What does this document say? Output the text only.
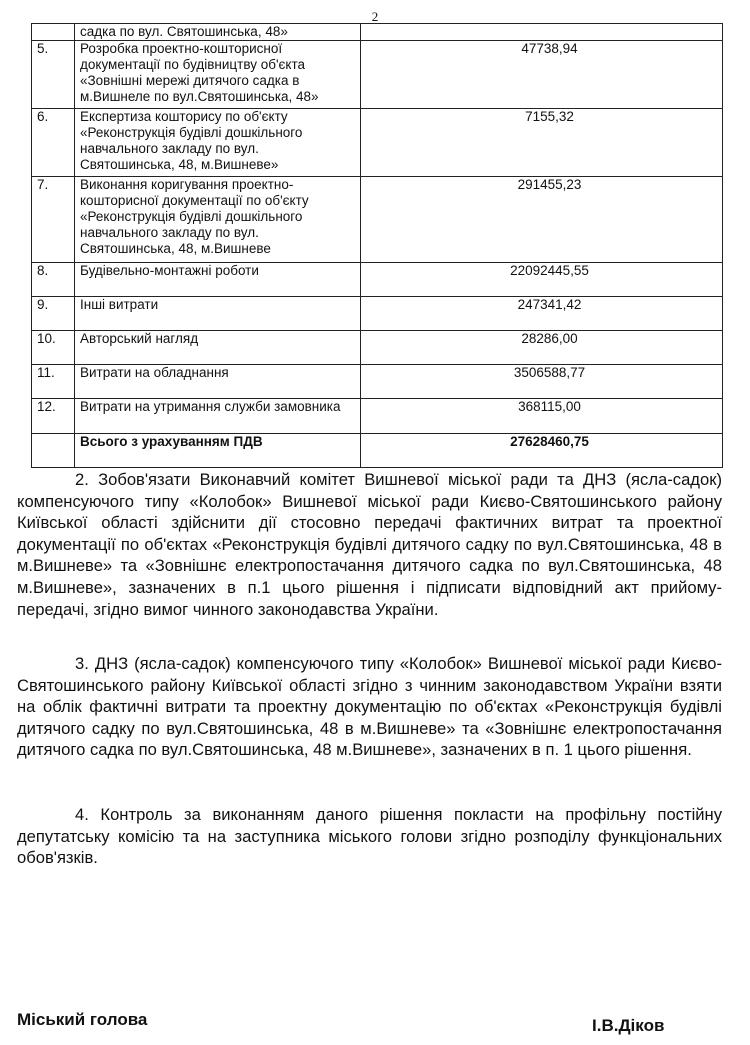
2
	садка по вул. Святошинська, 48»	
5.	Розробка проектно-кошторисної документації по будівництву об'єкта «Зовнішні мережі дитячого садка в м.Вишнеле по вул.Святошинська, 48»	47738,94
6.	Експертиза кошторису по об'єкту «Реконструкція будівлі дошкільного навчального закладу по вул. Святошинська, 48, м.Вишневе»	7155,32
7.	Виконання коригування проектно-кошторисної документації по об'єкту «Реконструкція будівлі дошкільного навчального закладу по вул. Святошинська, 48, м.Вишневе	291455,23
8.	Будівельно-монтажні роботи	22092445,55
9.	Інші витрати	247341,42
10.	Авторський нагляд	28286,00
11.	Витрати на обладнання	3506588,77
12.	Витрати на утримання служби замовника	368115,00
	Всього з урахуванням ПДВ	27628460,75

2. Зобов'язати Виконавчий комітет Вишневої міської ради та ДНЗ (ясла-садок) компенсуючого типу «Колобок» Вишневої міської ради Києво-Святошинського району Київської області здійснити дії стосовно передачі фактичних витрат та проектної документації по об'єктах «Реконструкція будівлі дитячого садку по вул.Святошинська, 48 в м.Вишневе» та «Зовнішнє електропостачання дитячого садка по вул.Святошинська, 48 м.Вишневе», зазначених в п.1 цього рішення і підписати відповідний акт прийому-передачі, згідно вимог чинного законодавства України.

3. ДНЗ (ясла-садок) компенсуючого типу «Колобок» Вишневої міської ради Києво-Святошинського району Київської області згідно з чинним законодавством України взяти на облік фактичні витрати та проектну документацію по об'єктах «Реконструкція будівлі дитячого садку по вул.Святошинська, 48 в м.Вишневе» та «Зовнішнє електропостачання дитячого садка по вул.Святошинська, 48 м.Вишневе», зазначених в п. 1 цього рішення.

4. Контроль за виконанням даного рішення покласти на профільну постійну депутатську комісію та на заступника міського голови згідно розподілу функціональних обов'язків.

Міський голова	І.В.Діков
